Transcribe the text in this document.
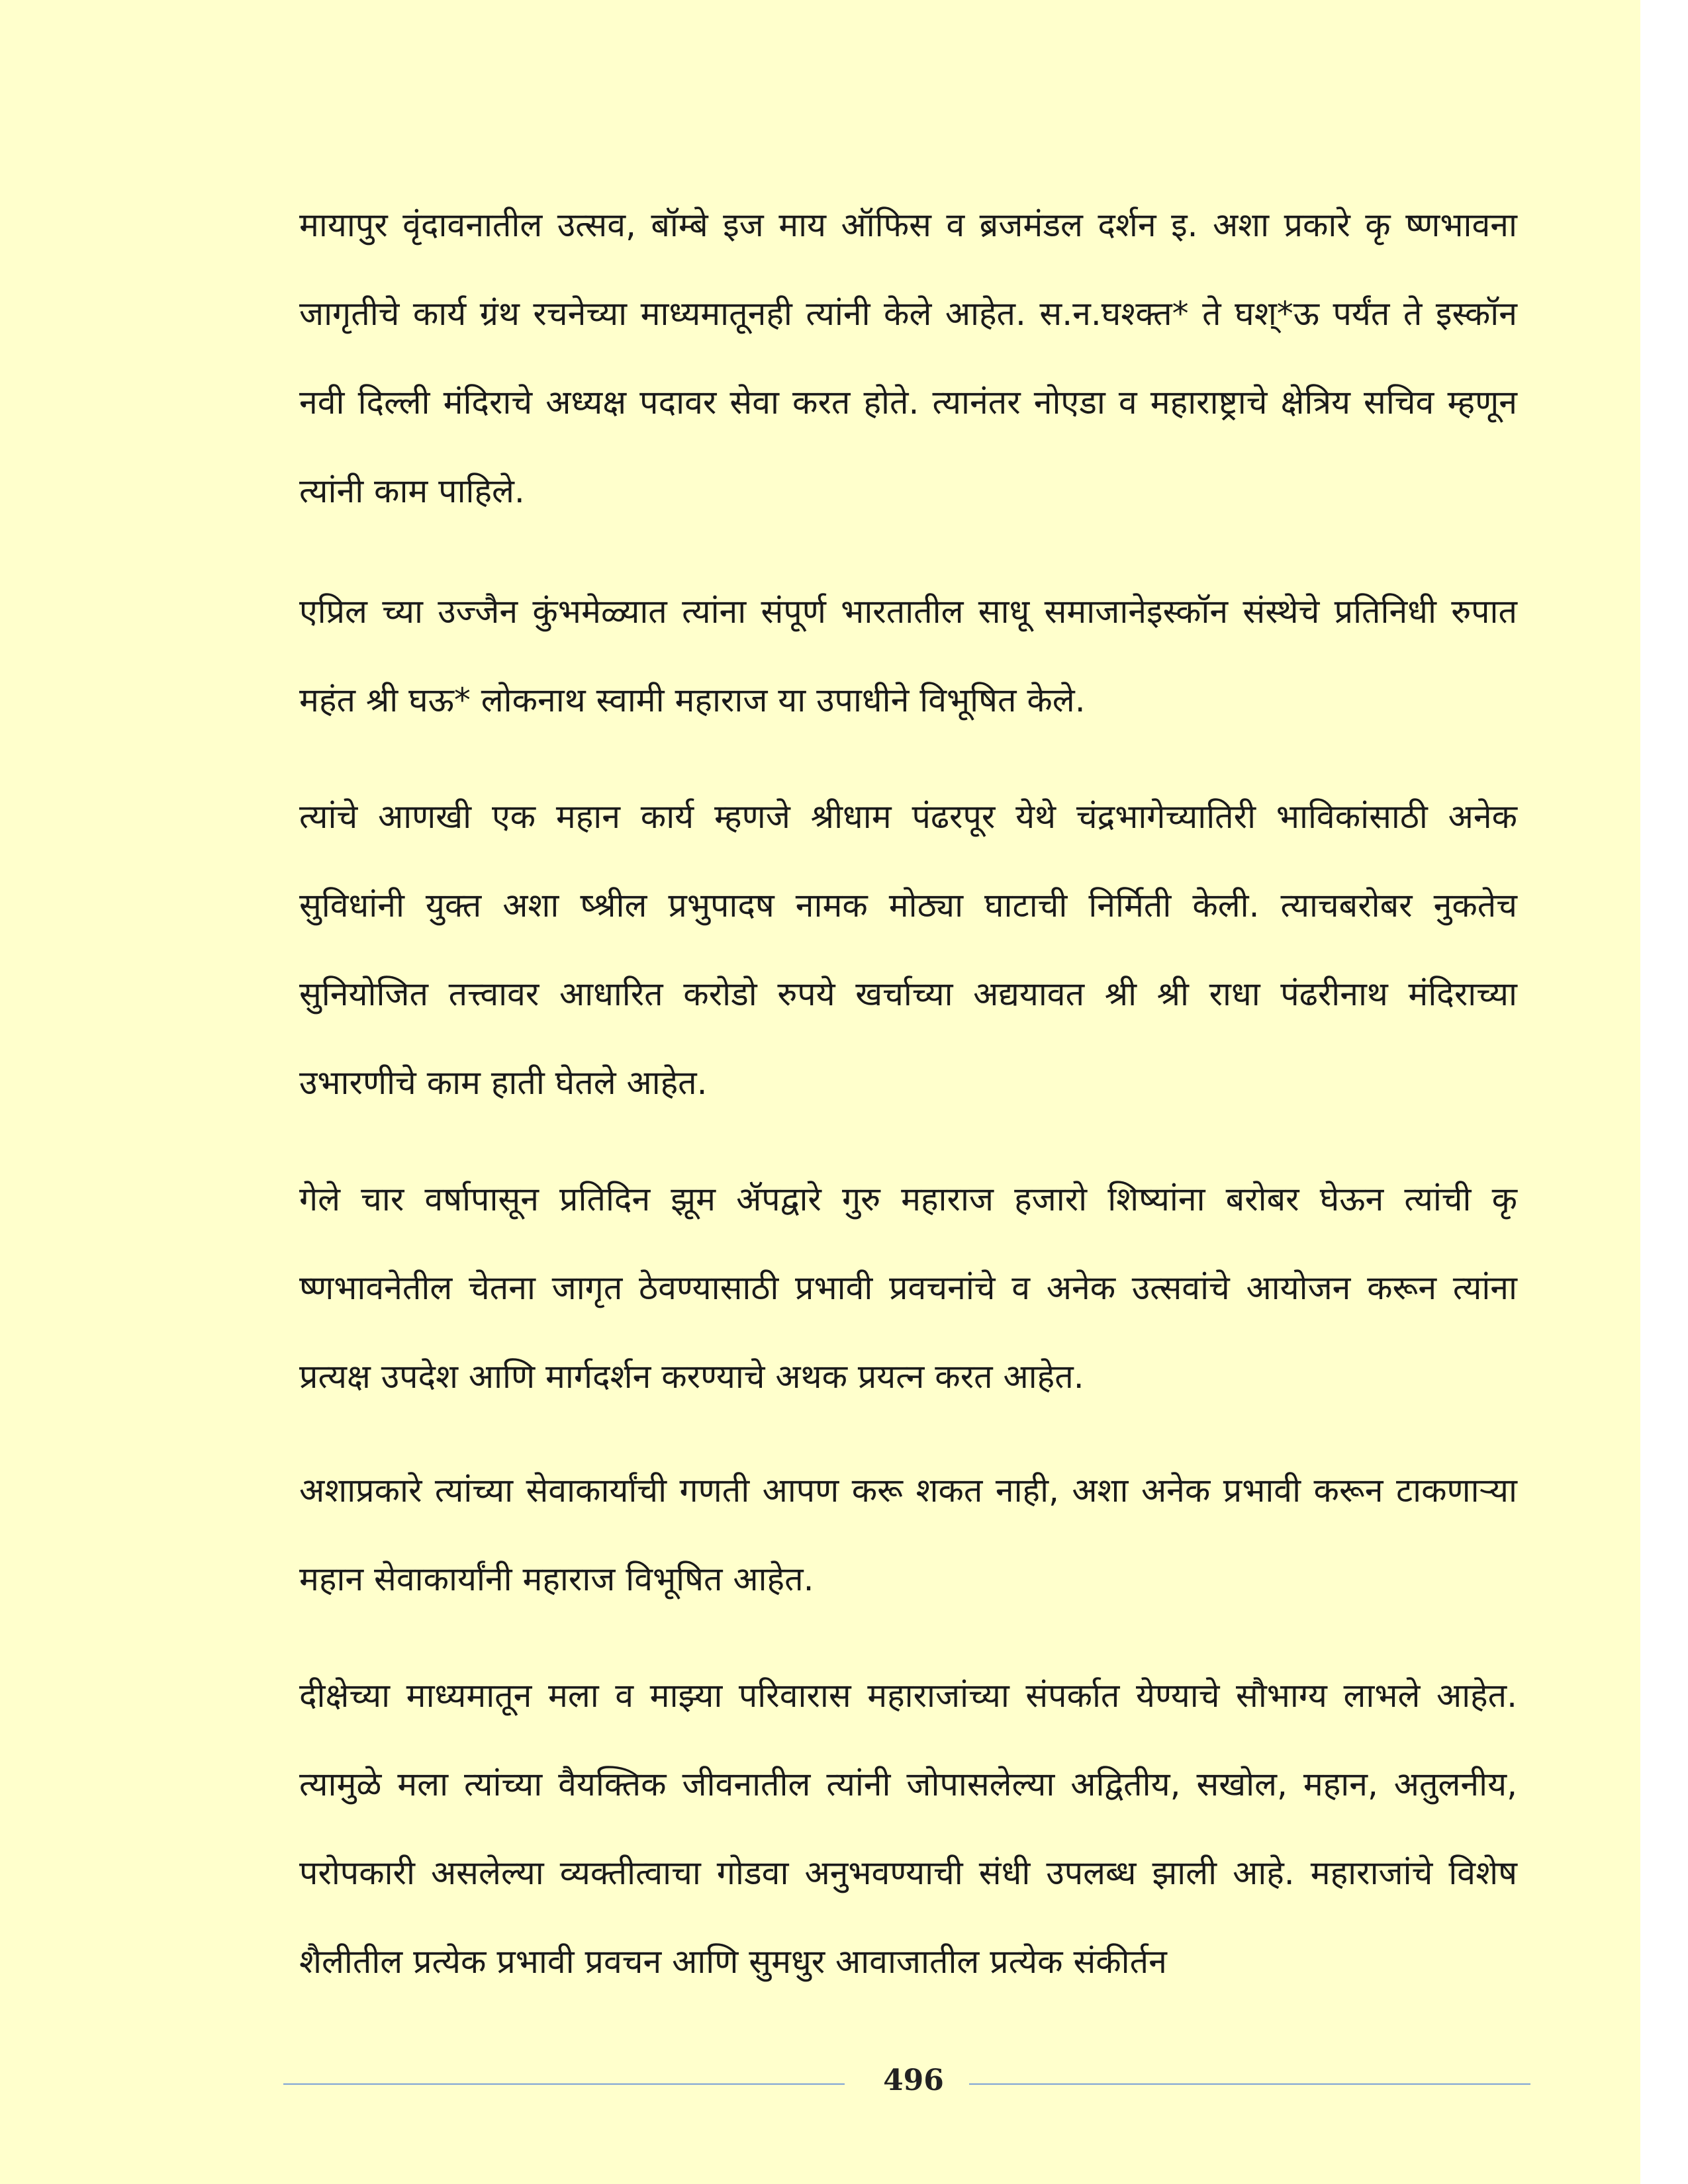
मायापुर वृंदावनातील उत्सव, बॉम्बे इज माय ऑफिस व ब्रजमंडल दर्शन इ. अशा प्रकारे कृ ष्णभावना जागृतीचे कार्य ग्रंथ रचनेच्या माध्यमातूनही त्यांनी केले आहेत. स.न.घश्क्त* ते घश्*ऊ पर्यंत ते इस्कॉन नवी दिल्ली मंदिराचे अध्यक्ष पदावर सेवा करत होते. त्यानंतर नोएडा व महाराष्ट्राचे क्षेत्रिय सचिव म्हणून त्यांनी काम पाहिले.

एप्रिल च्या उज्जैन कुंभमेळ्यात त्यांना संपूर्ण भारतातील साधू समाजानेइस्कॉन संस्थेचे प्रतिनिधी रुपात महंत श्री घऊ* लोकनाथ स्वामी महाराज या उपाधीने विभूषित केले.

त्यांचे आणखी एक महान कार्य म्हणजे श्रीधाम पंढरपूर येथे चंद्रभागेच्यातिरी भाविकांसाठी अनेक सुविधांनी युक्त अशा ष्श्रील प्रभुपादष नामक मोठ्या घाटाची निर्मिती केली. त्याचबरोबर नुकतेच सुनियोजित तत्त्वावर आधारित करोडो रुपये खर्चाच्या अद्ययावत श्री श्री राधा पंढरीनाथ मंदिराच्या उभारणीचे काम हाती घेतले आहेत.

गेले चार वर्षापासून प्रतिदिन झूम ॲपद्वारे गुरु महाराज हजारो शिष्यांना बरोबर घेऊन त्यांची कृ ष्णभावनेतील चेतना जागृत ठेवण्यासाठी प्रभावी प्रवचनांचे व अनेक उत्सवांचे आयोजन करून त्यांना प्रत्यक्ष उपदेश आणि मार्गदर्शन करण्याचे अथक प्रयत्न करत आहेत.

अशाप्रकारे त्यांच्या सेवाकार्यांची गणती आपण करू शकत नाही, अशा अनेक प्रभावी करून टाकणाऱ्या महान सेवाकार्यांनी महाराज विभूषित आहेत.

दीक्षेच्या माध्यमातून मला व माझ्या परिवारास महाराजांच्या संपर्कात येण्याचे सौभाग्य लाभले आहेत. त्यामुळे मला त्यांच्या वैयक्तिक जीवनातील त्यांनी जोपासलेल्या अद्वितीय, सखोल, महान, अतुलनीय, परोपकारी असलेल्या व्यक्तीत्वाचा गोडवा अनुभवण्याची संधी उपलब्ध झाली आहे. महाराजांचे विशेष शैलीतील प्रत्येक प्रभावी प्रवचन आणि सुमधुर आवाजातील प्रत्येक संकीर्तन

496
